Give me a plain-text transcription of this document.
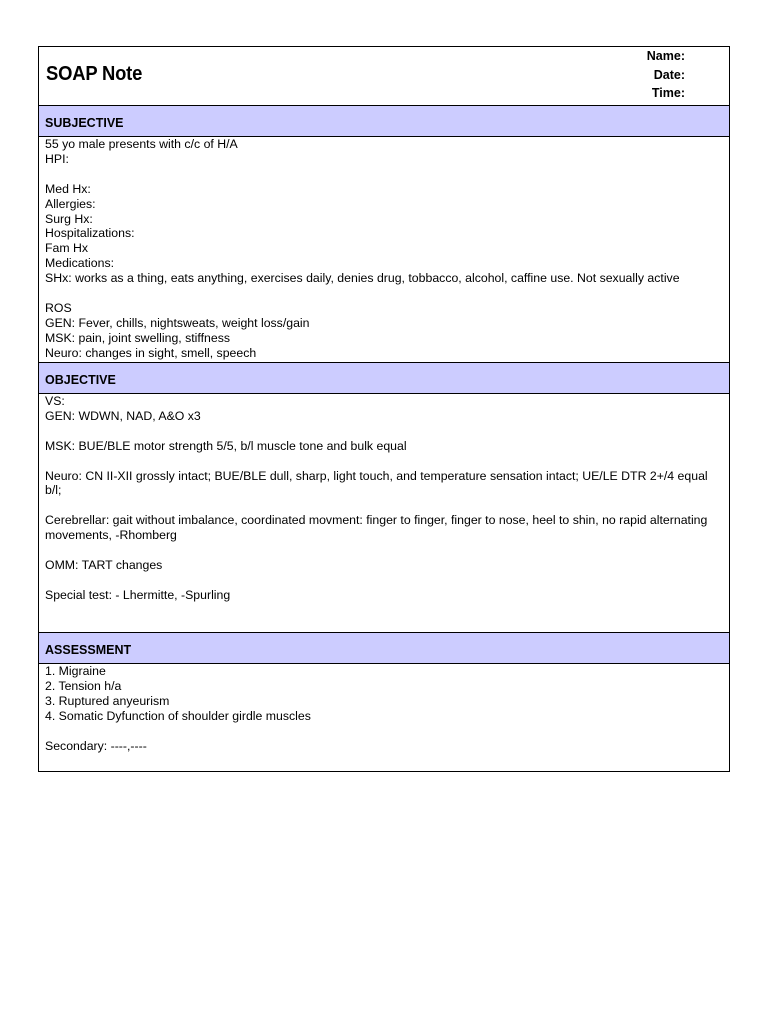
SOAP Note
Name:
Date:
Time:
SUBJECTIVE
55 yo male presents with c/c of H/A
HPI:
Med Hx:
Allergies:
Surg Hx:
Hospitalizations:
Fam Hx
Medications:
SHx: works as a thing, eats anything, exercises daily, denies drug, tobbacco, alcohol, caffine use. Not sexually active
ROS
GEN: Fever, chills, nightsweats, weight loss/gain
MSK: pain, joint swelling, stiffness
Neuro: changes in sight, smell, speech
OBJECTIVE
VS:
GEN: WDWN, NAD, A&O x3
MSK: BUE/BLE motor strength 5/5, b/l muscle tone and bulk equal
Neuro: CN II-XII grossly intact; BUE/BLE dull, sharp, light touch, and temperature sensation intact; UE/LE DTR 2+/4 equal b/l;
Cerebrellar: gait without imbalance, coordinated movment: finger to finger, finger to nose, heel to shin, no rapid alternating movements, -Rhomberg
OMM: TART changes
Special test: - Lhermitte, -Spurling
ASSESSMENT
1. Migraine
2. Tension h/a
3. Ruptured anyeurism
4. Somatic Dyfunction of shoulder girdle muscles
Secondary: ----,----
